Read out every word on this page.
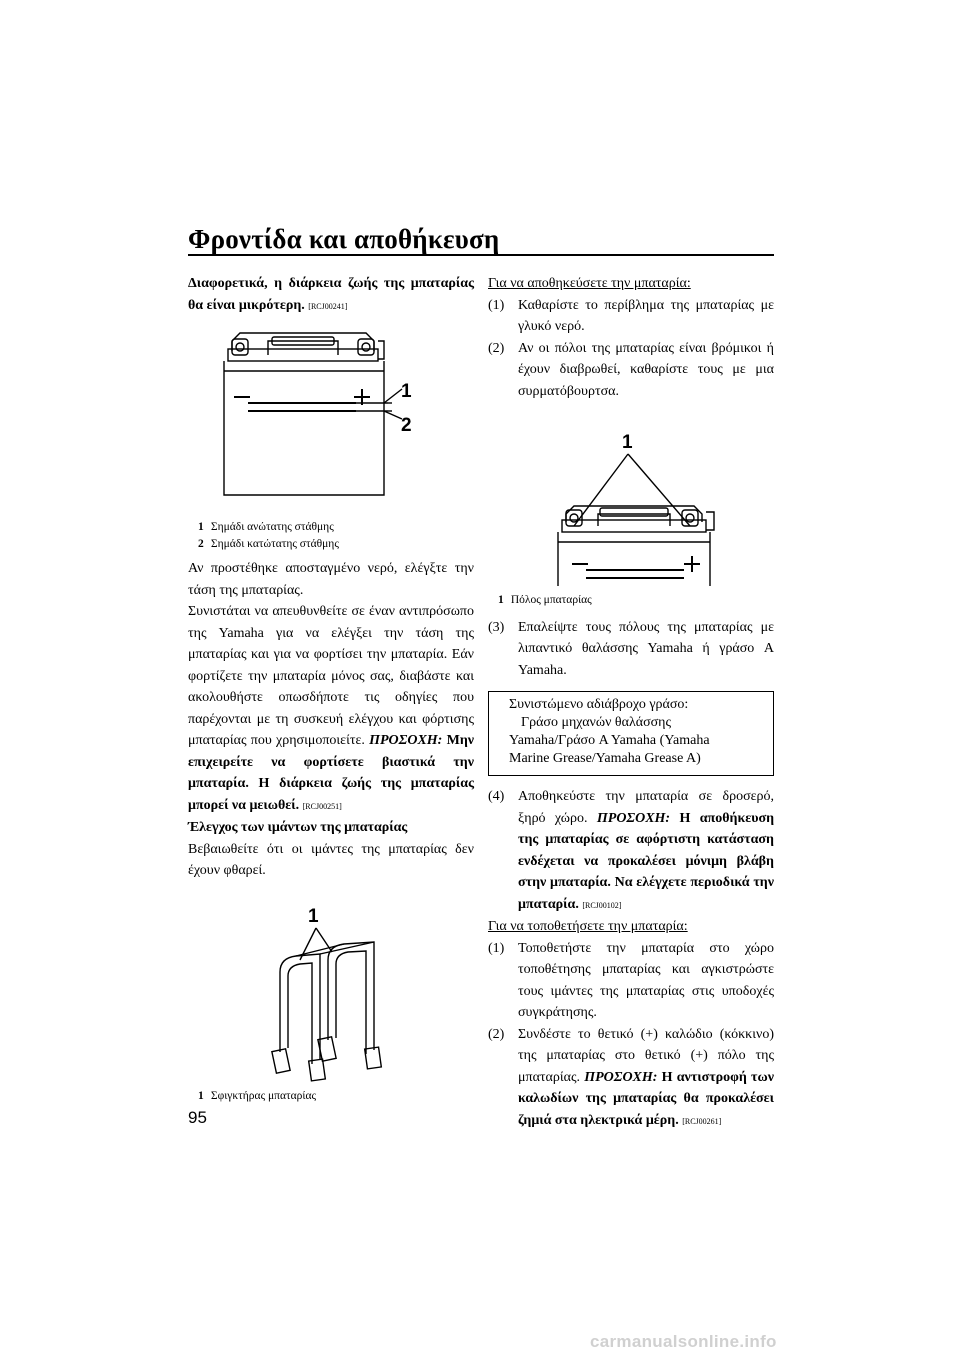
Φροντίδα και αποθήκευση
Διαφορετικά, η διάρκεια ζωής της μπαταρίας θα είναι μικρότερη. [RCJ00241]
1
2
1 Σημάδι ανώτατης στάθμης
2 Σημάδι κατώτατης στάθμης
Αν προστέθηκε αποσταγμένο νερό, ελέγξτε την τάση της μπαταρίας.
Συνιστάται να απευθυνθείτε σε έναν αντιπρόσωπο της Yamaha για να ελέγξει την τάση της μπαταρίας και για να φορτίσει την μπαταρία. Εάν φορτίζετε την μπαταρία μόνος σας, διαβάστε και ακολουθήστε οπωσδήποτε τις οδηγίες που παρέχονται με τη συσκευή ελέγχου και φόρτισης μπαταρίας που χρησιμοποιείτε. ΠΡΟΣΟΧΗ: Μην επιχειρείτε να φορτίσετε βιαστικά την μπαταρία. Η διάρκεια ζωής της μπαταρίας μπορεί να μειωθεί. [RCJ00251]
Έλεγχος των ιμάντων της μπαταρίας
Βεβαιωθείτε ότι οι ιμάντες της μπαταρίας δεν έχουν φθαρεί.
1
1 Σφιγκτήρας μπαταρίας
Για να αποθηκεύσετε την μπαταρία:
(1) Καθαρίστε το περίβλημα της μπαταρίας με γλυκό νερό.
(2) Αν οι πόλοι της μπαταρίας είναι βρόμικοι ή έχουν διαβρωθεί, καθαρίστε τους με μια συρματόβουρτσα.
1
1 Πόλος μπαταρίας
(3) Επαλείψτε τους πόλους της μπαταρίας με λιπαντικό θαλάσσης Yamaha ή γράσο A Yamaha.
Συνιστώμενο αδιάβροχο γράσο:
Γράσο μηχανών θαλάσσης
Yamaha/Γράσο A Yamaha (Yamaha
Marine Grease/Yamaha Grease A)
(4) Αποθηκεύστε την μπαταρία σε δροσερό, ξηρό χώρο. ΠΡΟΣΟΧΗ: Η αποθήκευση της μπαταρίας σε αφόρτιστη κατάσταση ενδέχεται να προκαλέσει μόνιμη βλάβη στην μπαταρία. Να ελέγχετε περιοδικά την μπαταρία. [RCJ00102]
Για να τοποθετήσετε την μπαταρία:
(1) Τοποθετήστε την μπαταρία στο χώρο τοποθέτησης μπαταρίας και αγκιστρώστε τους ιμάντες της μπαταρίας στις υποδοχές συγκράτησης.
(2) Συνδέστε το θετικό (+) καλώδιο (κόκκινο) της μπαταρίας στο θετικό (+) πόλο της μπαταρίας. ΠΡΟΣΟΧΗ: Η αντιστροφή των καλωδίων της μπαταρίας θα προκαλέσει ζημιά στα ηλεκτρικά μέρη. [RCJ00261]
95
carmanualsonline.info
